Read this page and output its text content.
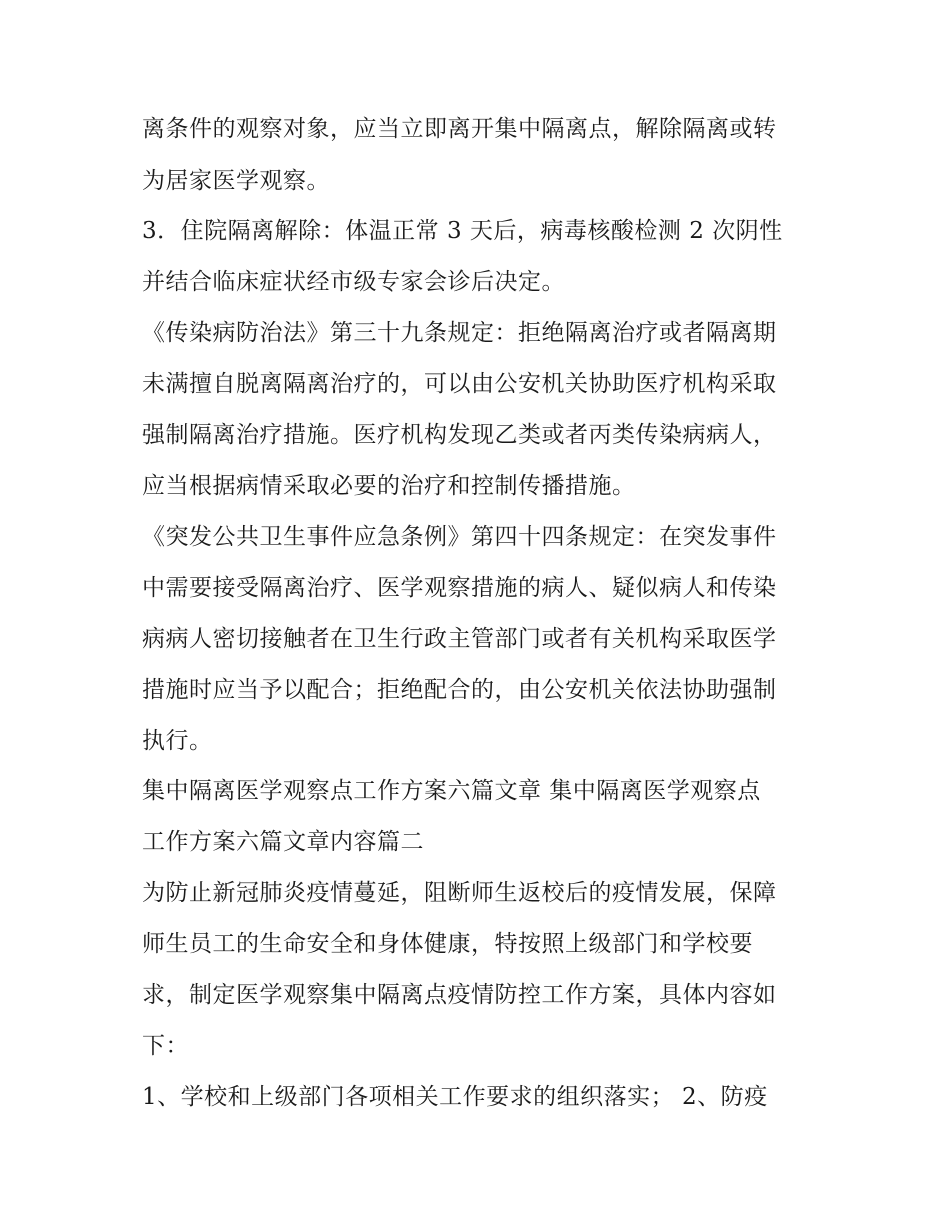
离条件的观察对象，应当立即离开集中隔离点，解除隔离或转

为居家医学观察。

3．住院隔离解除：体温正常 3 天后，病毒核酸检测 2 次阴性

并结合临床症状经市级专家会诊后决定。

《传染病防治法》第三十九条规定：拒绝隔离治疗或者隔离期

未满擅自脱离隔离治疗的，可以由公安机关协助医疗机构采取

强制隔离治疗措施。医疗机构发现乙类或者丙类传染病病人，

应当根据病情采取必要的治疗和控制传播措施。

《突发公共卫生事件应急条例》第四十四条规定：在突发事件

中需要接受隔离治疗、医学观察措施的病人、疑似病人和传染

病病人密切接触者在卫生行政主管部门或者有关机构采取医学

措施时应当予以配合；拒绝配合的，由公安机关依法协助强制

执行。

集中隔离医学观察点工作方案六篇文章 集中隔离医学观察点

工作方案六篇文章内容篇二

为防止新冠肺炎疫情蔓延，阻断师生返校后的疫情发展，保障

师生员工的生命安全和身体健康，特按照上级部门和学校要

求，制定医学观察集中隔离点疫情防控工作方案，具体内容如

下：

1、学校和上级部门各项相关工作要求的组织落实； 2、防疫
